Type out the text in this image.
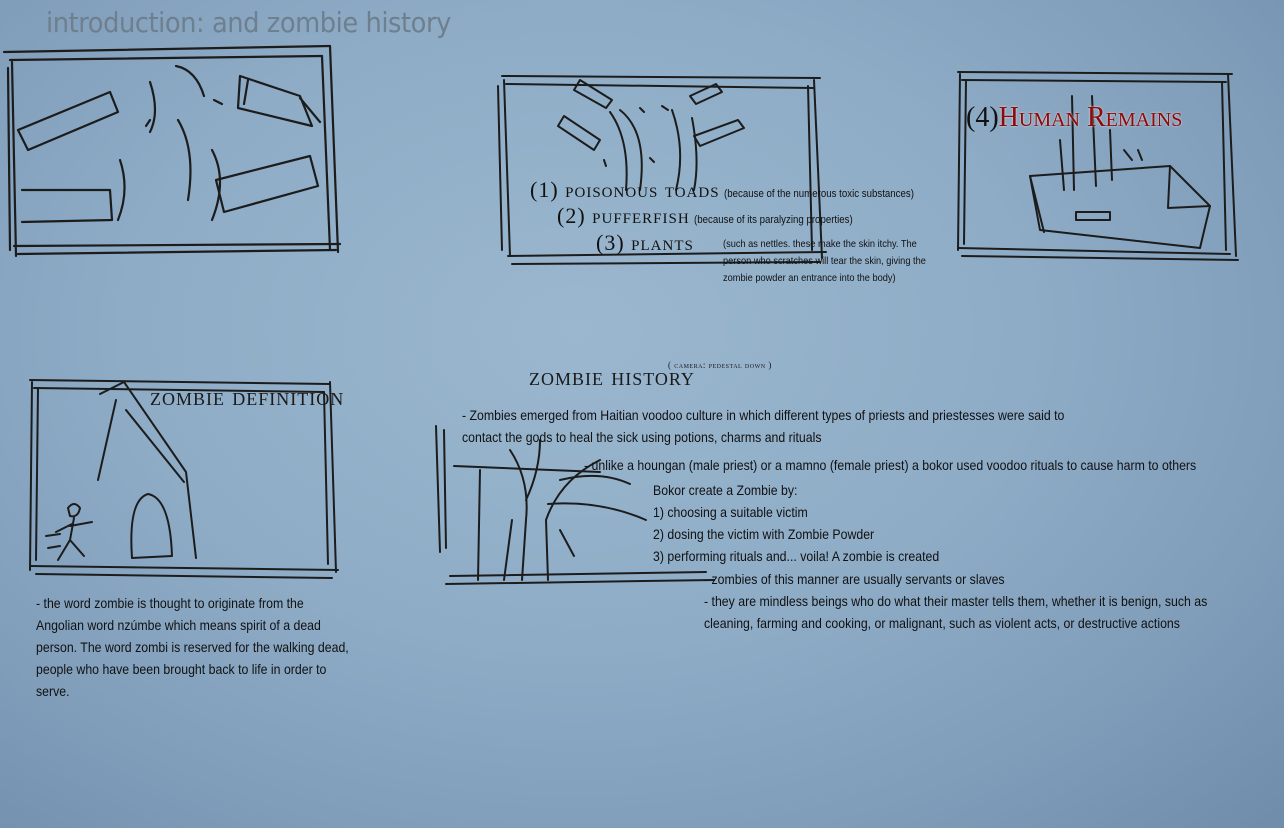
introduction: and zombie history
(1) poisonous toads (because of the numerous toxic substances)
(2) pufferfish (because of its paralyzing properties)
(3) plants	(such as nettles. these make the skin itchy. The
person who scratches will tear the skin, giving the
zombie powder an entrance into the body)
(4)Human Remains
zombie definition
- the word zombie is thought to originate from the
Angolian word nzúmbe which means spirit of a dead
person. The word zombi is reserved for the walking dead,
people who have been brought back to life in order to
serve.
( camera: pedestal down )
zombie history
- Zombies emerged from Haitian voodoo culture in which different types of priests and priestesses were said to
contact the gods to heal the sick using potions, charms and rituals
- unlike a houngan (male priest) or a mamno (female priest) a bokor used voodoo rituals to cause harm to others
Bokor create a Zombie by:
1) choosing a suitable victim
2) dosing the victim with Zombie Powder
3) performing rituals and... voila! A zombie is created
- zombies of this manner are usually servants or slaves
- they are mindless beings who do what their master tells them, whether it is benign, such as
cleaning, farming and cooking, or malignant, such as violent acts, or destructive actions
